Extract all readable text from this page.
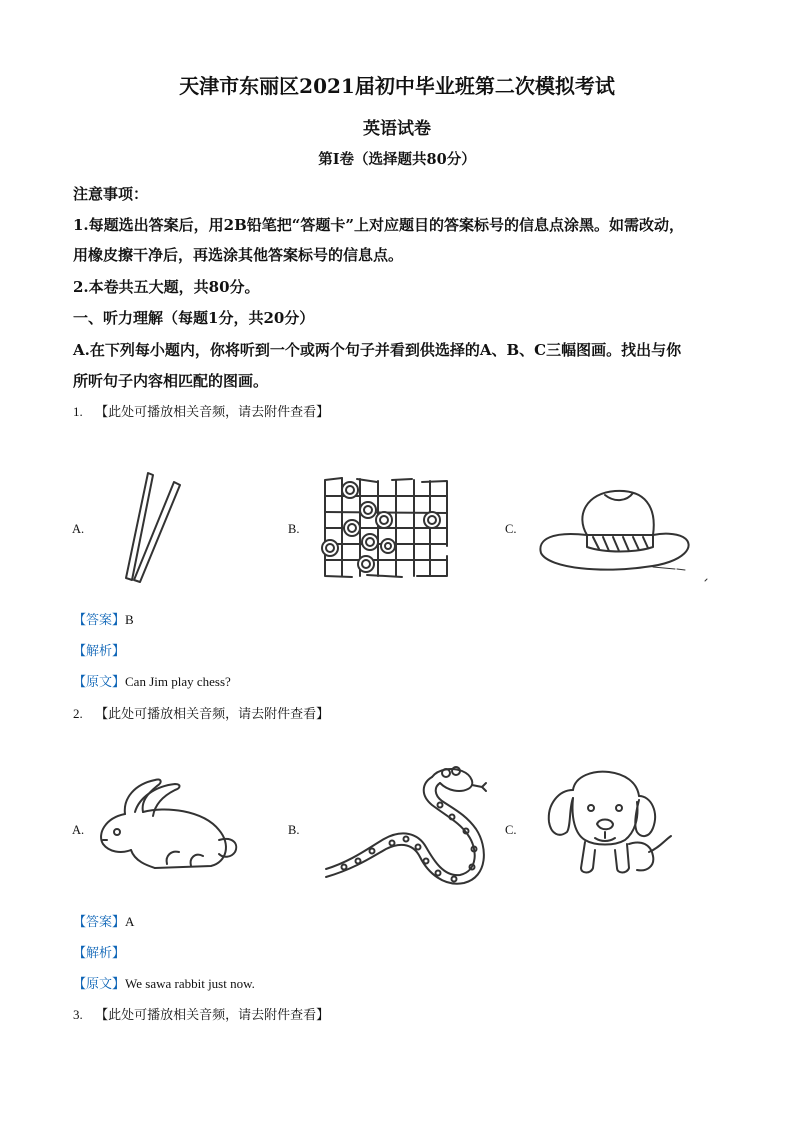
天津市东丽区2021届初中毕业班第二次模拟考试
英语试卷
第I卷（选择题共80分）
注意事项：
1.每题选出答案后，用2B铅笔把“答题卡”上对应题目的答案标号的信息点涂黑。如需改动，
用橡皮擦干净后，再选涂其他答案标号的信息点。
2.本卷共五大题，共80分。
一、听力理解（每题1分，共20分）
A.在下列每小题内，你将听到一个或两个句子并看到供选择的A、B、C三幅图画。找出与你
所听句子内容相匹配的图画。
1. 【此处可播放相关音频，请去附件查看】
A.	B.	C.
【答案】B
【解析】
【原文】Can Jim play chess?
2. 【此处可播放相关音频，请去附件查看】
A.	B.	C.
【答案】A
【解析】
【原文】We sawa rabbit just now.
3. 【此处可播放相关音频，请去附件查看】
